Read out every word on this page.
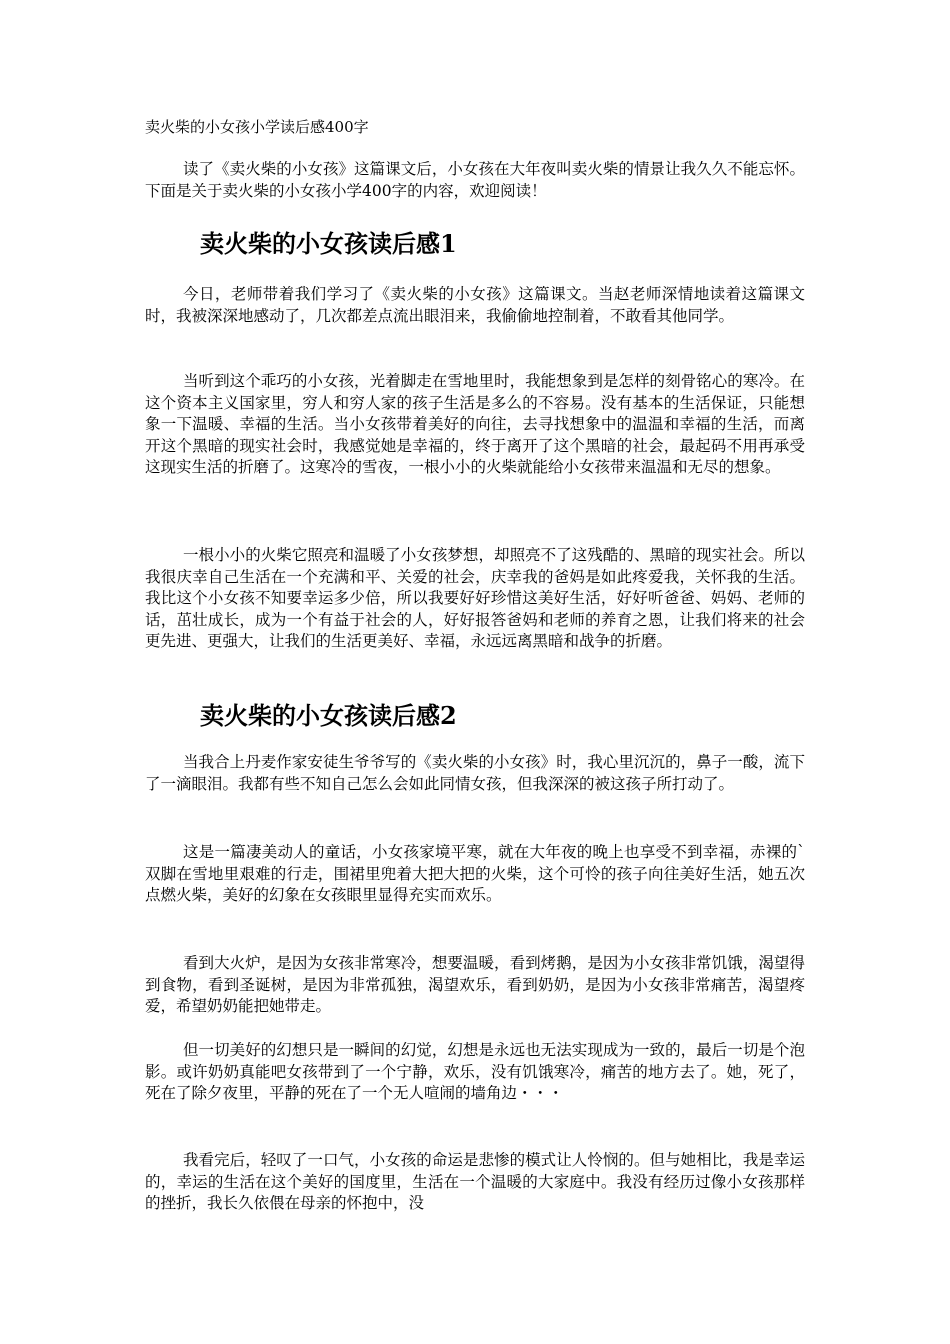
卖火柴的小女孩小学读后感400字

读了《卖火柴的小女孩》这篇课文后，小女孩在大年夜叫卖火柴的情景让我久久不能忘怀。下面是关于卖火柴的小女孩小学400字的内容，欢迎阅读！

卖火柴的小女孩读后感1

今日，老师带着我们学习了《卖火柴的小女孩》这篇课文。当赵老师深情地读着这篇课文时，我被深深地感动了，几次都差点流出眼泪来，我偷偷地控制着，不敢看其他同学。

当听到这个乖巧的小女孩，光着脚走在雪地里时，我能想象到是怎样的刻骨铭心的寒冷。在这个资本主义国家里，穷人和穷人家的孩子生活是多么的不容易。没有基本的生活保证，只能想象一下温暖、幸福的生活。当小女孩带着美好的向往，去寻找想象中的温温和幸福的生活，而离开这个黑暗的现实社会时，我感觉她是幸福的，终于离开了这个黑暗的社会，最起码不用再承受这现实生活的折磨了。这寒冷的雪夜，一根小小的火柴就能给小女孩带来温温和无尽的想象。

一根小小的火柴它照亮和温暖了小女孩梦想，却照亮不了这残酷的、黑暗的现实社会。所以我很庆幸自己生活在一个充满和平、关爱的社会，庆幸我的爸妈是如此疼爱我，关怀我的生活。我比这个小女孩不知要幸运多少倍，所以我要好好珍惜这美好生活，好好听爸爸、妈妈、老师的话，茁壮成长，成为一个有益于社会的人，好好报答爸妈和老师的养育之恩，让我们将来的社会更先进、更强大，让我们的生活更美好、幸福，永远远离黑暗和战争的折磨。

卖火柴的小女孩读后感2

当我合上丹麦作家安徒生爷爷写的《卖火柴的小女孩》时，我心里沉沉的，鼻子一酸，流下了一滴眼泪。我都有些不知自己怎么会如此同情女孩，但我深深的被这孩子所打动了。

这是一篇凄美动人的童话，小女孩家境平寒，就在大年夜的晚上也享受不到幸福，赤裸的`双脚在雪地里艰难的行走，围裙里兜着大把大把的火柴，这个可怜的孩子向往美好生活，她五次点燃火柴，美好的幻象在女孩眼里显得充实而欢乐。

看到大火炉，是因为女孩非常寒冷，想要温暖，看到烤鹅，是因为小女孩非常饥饿，渴望得到食物，看到圣诞树，是因为非常孤独，渴望欢乐，看到奶奶，是因为小女孩非常痛苦，渴望疼爱，希望奶奶能把她带走。

但一切美好的幻想只是一瞬间的幻觉，幻想是永远也无法实现成为一致的，最后一切是个泡影。或许奶奶真能吧女孩带到了一个宁静，欢乐，没有饥饿寒冷，痛苦的地方去了。她，死了，死在了除夕夜里，平静的死在了一个无人喧闹的墙角边・・・

我看完后，轻叹了一口气，小女孩的命运是悲惨的模式让人怜悯的。但与她相比，我是幸运的，幸运的生活在这个美好的国度里，生活在一个温暖的大家庭中。我没有经历过像小女孩那样的挫折，我长久依偎在母亲的怀抱中，没
